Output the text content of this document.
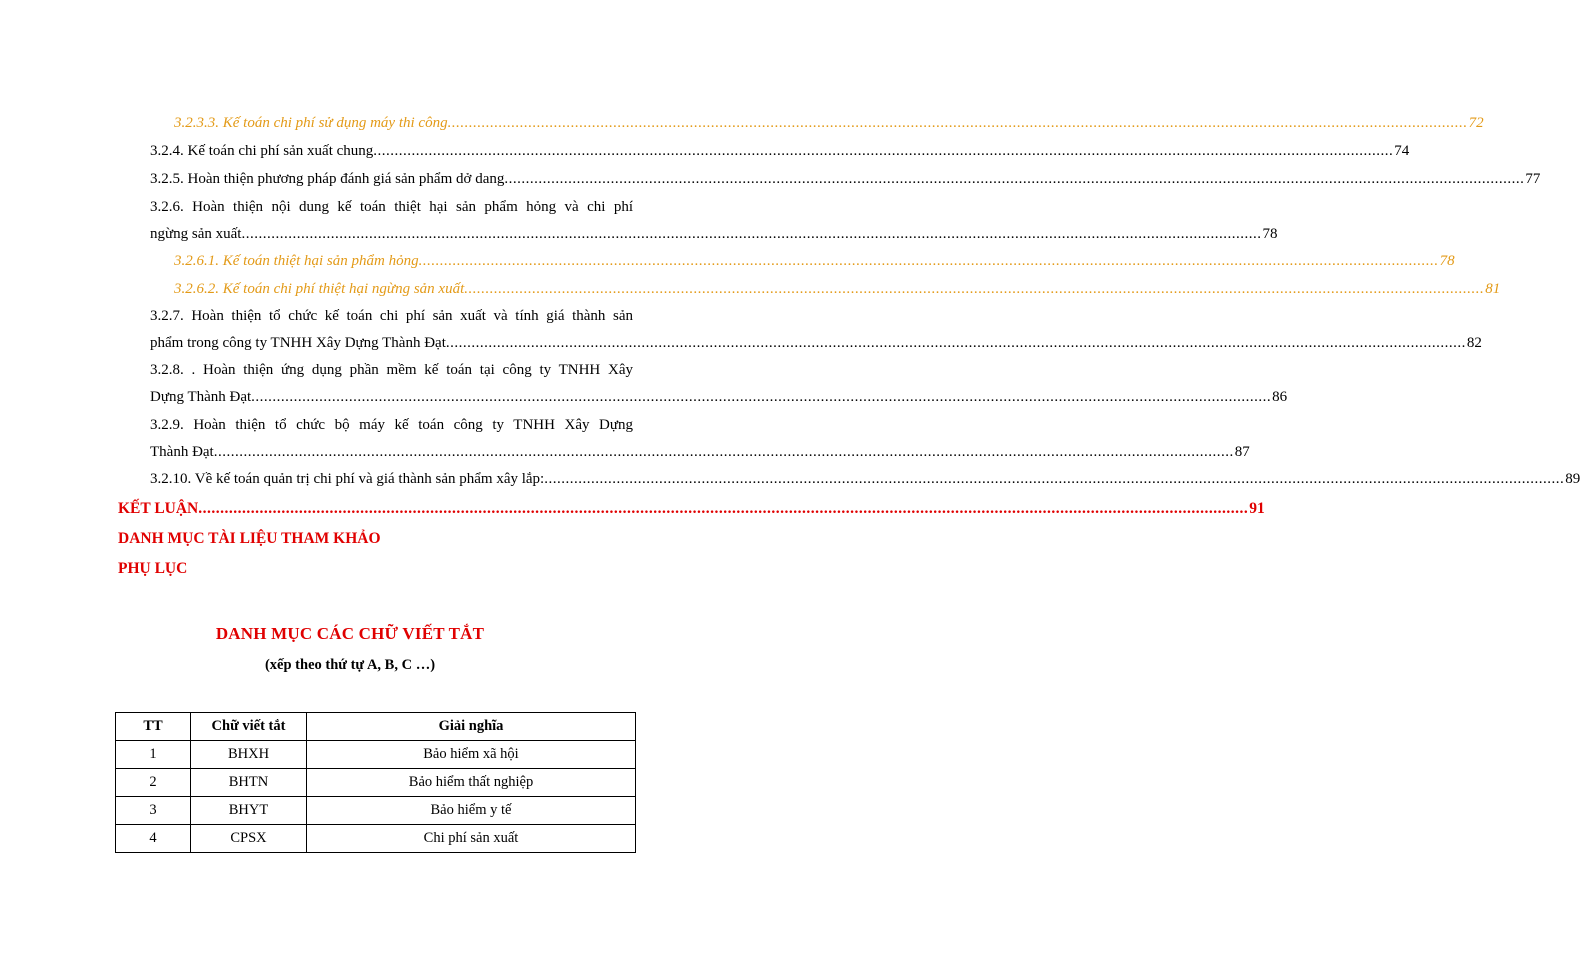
3.2.3.3. Kế toán chi phí sử dụng máy thi công .....	72
3.2.4. Kế toán chi phí sản xuất chung .....	74
3.2.5. Hoàn thiện phương pháp đánh giá sản phẩm dở dang .....	77
3.2.6. Hoàn thiện nội dung kế toán thiệt hại sản phẩm hỏng và chi phí
ngừng sản xuất .....	78
3.2.6.1. Kế toán thiệt hại sản phẩm hỏng .....	78
3.2.6.2. Kế toán chi phí thiệt hại ngừng sản xuất .....	81
3.2.7. Hoàn thiện tổ chức kế toán chi phí sản xuất và tính giá thành sản
phẩm trong công ty TNHH Xây Dựng Thành Đạt .....	82
3.2.8. . Hoàn thiện ứng dụng phần mềm kế toán tại công ty TNHH Xây
Dựng Thành Đạt .....	86
3.2.9. Hoàn thiện tổ chức bộ máy kế toán công ty TNHH Xây Dựng
Thành Đạt .....	87
3.2.10. Về kế toán quản trị chi phí và giá thành sản phẩm xây lắp: .....	89
KẾT LUẬN .....	91
DANH MỤC TÀI LIỆU THAM KHẢO
PHỤ LỤC
DANH MỤC CÁC CHỮ VIẾT TẮT
(xếp theo thứ tự A, B, C …)
TT	Chữ viết tắt	Giải nghĩa
1	BHXH	Bảo hiểm xã hội
2	BHTN	Bảo hiểm thất nghiệp
3	BHYT	Bảo hiểm y tế
4	CPSX	Chi phí sản xuất
